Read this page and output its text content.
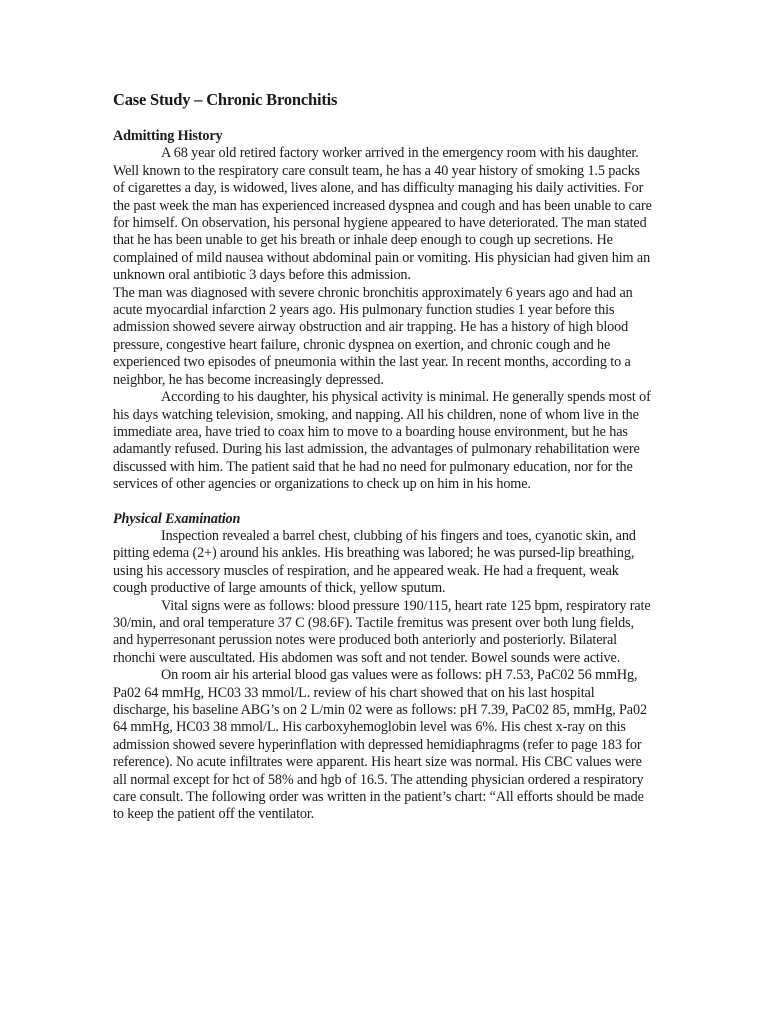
Case Study – Chronic Bronchitis
Admitting History

A 68 year old retired factory worker arrived in the emergency room with his daughter. Well known to the respiratory care consult team, he has a 40 year history of smoking 1.5 packs of cigarettes a day, is widowed, lives alone, and has difficulty managing his daily activities. For the past week the man has experienced increased dyspnea and cough and has been unable to care for himself. On observation, his personal hygiene appeared to have deteriorated. The man stated that he has been unable to get his breath or inhale deep enough to cough up secretions. He complained of mild nausea without abdominal pain or vomiting. His physician had given him an unknown oral antibiotic 3 days before this admission.

The man was diagnosed with severe chronic bronchitis approximately 6 years ago and had an acute myocardial infarction 2 years ago. His pulmonary function studies 1 year before this admission showed severe airway obstruction and air trapping. He has a history of high blood pressure, congestive heart failure, chronic dyspnea on exertion, and chronic cough and he experienced two episodes of pneumonia within the last year. In recent months, according to a neighbor, he has become increasingly depressed.

According to his daughter, his physical activity is minimal. He generally spends most of his days watching television, smoking, and napping. All his children, none of whom live in the immediate area, have tried to coax him to move to a boarding house environment, but he has adamantly refused. During his last admission, the advantages of pulmonary rehabilitation were discussed with him. The patient said that he had no need for pulmonary education, nor for the services of other agencies or organizations to check up on him in his home.

Physical Examination

Inspection revealed a barrel chest, clubbing of his fingers and toes, cyanotic skin, and pitting edema (2+) around his ankles. His breathing was labored; he was pursed-lip breathing, using his accessory muscles of respiration, and he appeared weak. He had a frequent, weak cough productive of large amounts of thick, yellow sputum.

Vital signs were as follows: blood pressure 190/115, heart rate 125 bpm, respiratory rate 30/min, and oral temperature 37 C (98.6F). Tactile fremitus was present over both lung fields, and hyperresonant perussion notes were produced both anteriorly and posteriorly. Bilateral rhonchi were auscultated. His abdomen was soft and not tender. Bowel sounds were active.

On room air his arterial blood gas values were as follows: pH 7.53, PaC02 56 mmHg, Pa02 64 mmHg, HC03 33 mmol/L. review of his chart showed that on his last hospital discharge, his baseline ABG’s on 2 L/min 02 were as follows: pH 7.39, PaC02 85, mmHg, Pa02 64 mmHg, HC03 38 mmol/L. His carboxyhemoglobin level was 6%. His chest x-ray on this admission showed severe hyperinflation with depressed hemidiaphragms (refer to page 183 for reference). No acute infiltrates were apparent. His heart size was normal. His CBC values were all normal except for hct of 58% and hgb of 16.5. The attending physician ordered a respiratory care consult. The following order was written in the patient’s chart: “All efforts should be made to keep the patient off the ventilator.
